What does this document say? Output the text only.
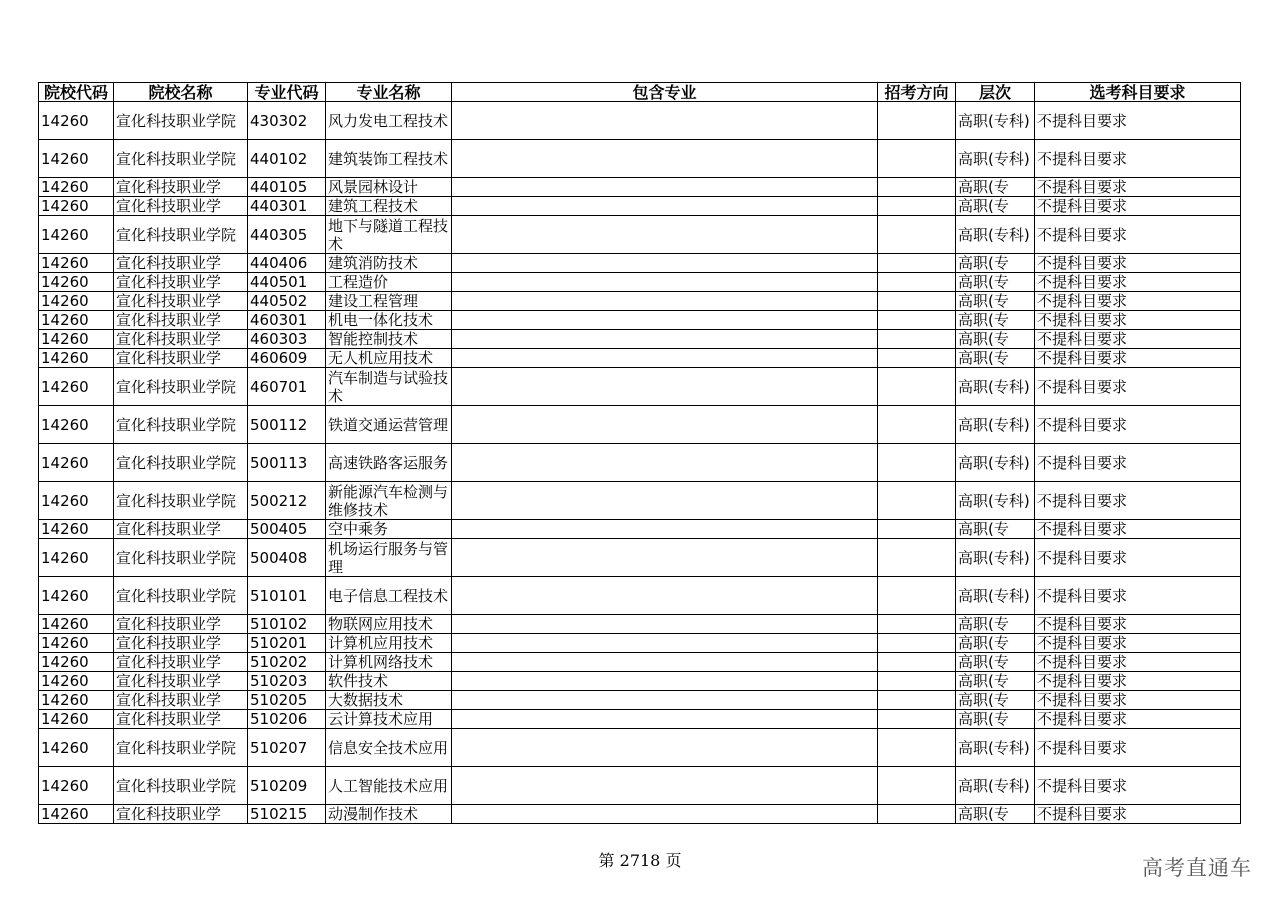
院校代码	院校名称	专业代码	专业名称	包含专业	招考方向	层次	选考科目要求

14260	宣化科技职业学院	430302	风力发电工程技术			高职(专科)	不提科目要求

14260	宣化科技职业学院	440102	建筑装饰工程技术			高职(专科)	不提科目要求

14260	宣化科技职业学	440105	风景园林设计			高职(专	不提科目要求

14260	宣化科技职业学	440301	建筑工程技术			高职(专	不提科目要求

14260	宣化科技职业学院	440305	地下与隧道工程技术			高职(专科)	不提科目要求

14260	宣化科技职业学	440406	建筑消防技术			高职(专	不提科目要求

14260	宣化科技职业学	440501	工程造价			高职(专	不提科目要求

14260	宣化科技职业学	440502	建设工程管理			高职(专	不提科目要求

14260	宣化科技职业学	460301	机电一体化技术			高职(专	不提科目要求

14260	宣化科技职业学	460303	智能控制技术			高职(专	不提科目要求

14260	宣化科技职业学	460609	无人机应用技术			高职(专	不提科目要求

14260	宣化科技职业学院	460701	汽车制造与试验技术			高职(专科)	不提科目要求

14260	宣化科技职业学院	500112	铁道交通运营管理			高职(专科)	不提科目要求

14260	宣化科技职业学院	500113	高速铁路客运服务			高职(专科)	不提科目要求

14260	宣化科技职业学院	500212	新能源汽车检测与维修技术			高职(专科)	不提科目要求

14260	宣化科技职业学	500405	空中乘务			高职(专	不提科目要求

14260	宣化科技职业学院	500408	机场运行服务与管理			高职(专科)	不提科目要求

14260	宣化科技职业学院	510101	电子信息工程技术			高职(专科)	不提科目要求

14260	宣化科技职业学	510102	物联网应用技术			高职(专	不提科目要求

14260	宣化科技职业学	510201	计算机应用技术			高职(专	不提科目要求

14260	宣化科技职业学	510202	计算机网络技术			高职(专	不提科目要求

14260	宣化科技职业学	510203	软件技术			高职(专	不提科目要求

14260	宣化科技职业学	510205	大数据技术			高职(专	不提科目要求

14260	宣化科技职业学	510206	云计算技术应用			高职(专	不提科目要求

14260	宣化科技职业学院	510207	信息安全技术应用			高职(专科)	不提科目要求

14260	宣化科技职业学院	510209	人工智能技术应用			高职(专科)	不提科目要求

14260	宣化科技职业学	510215	动漫制作技术			高职(专	不提科目要求
第 2718 页	高考直通车
